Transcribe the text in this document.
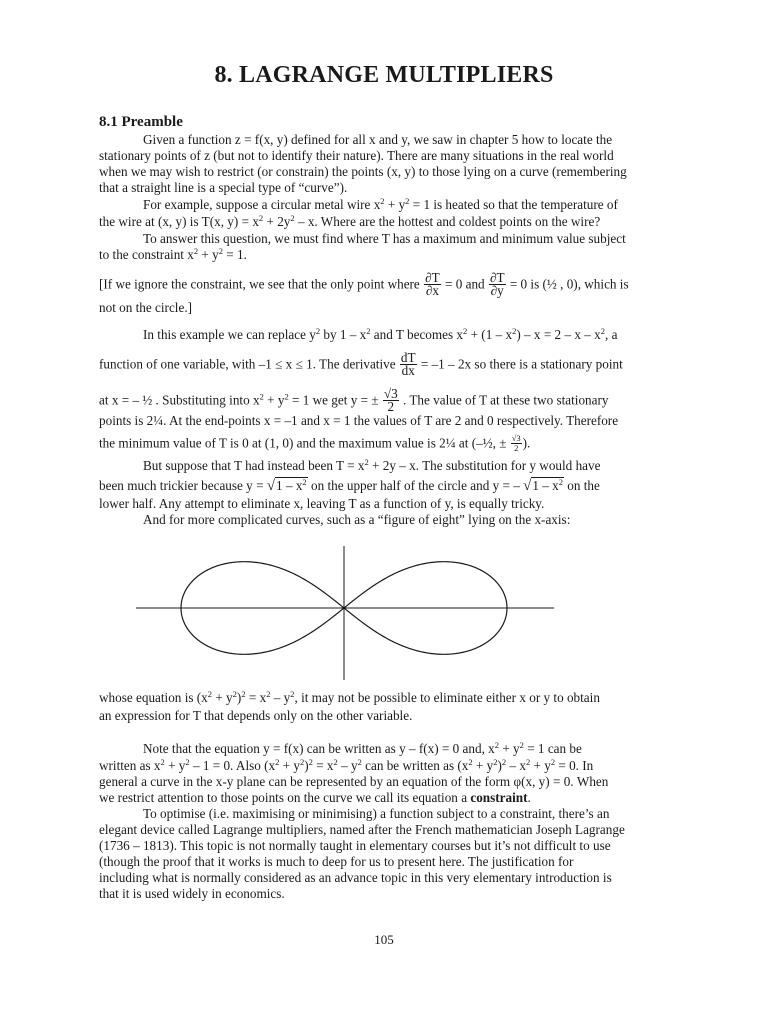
8. LAGRANGE MULTIPLIERS
8.1 Preamble
Given a function z = f(x, y) defined for all x and y, we saw in chapter 5 how to locate the
stationary points of z (but not to identify their nature). There are many situations in the real world
when we may wish to restrict (or constrain) the points (x, y) to those lying on a curve (remembering
that a straight line is a special type of “curve”).
For example, suppose a circular metal wire $x^2 + y^2 = 1$ is heated so that the temperature of
the wire at (x, y) is T(x, $y) = x^2 + 2y^2 - x$. Where are the hottest and coldest points on the wire?
To answer this question, we must find where T has a maximum and minimum value subject
to the constraint $x^2 + y^2 = 1$.
[If we ignore the constraint, we see that the only point where $\frac{\partial T}{\partial x} = 0$ and $\frac{\partial T}{\partial y} = 0$ is (½ , 0), which is
not on the circle.]
In this example we can replace $y^2$ by $1 - x^2$ and T becomes $x^2 + (1 - x^2) - x = 2 - x - x^2$, a
function of one variable, with –1 ≤ x ≤ 1. The derivative $\frac{dT}{dx} = -1 - 2x$ so there is a stationary point
at x = – ½ . Substituting into $x^2 + y^2 = 1$ we get y = ± $\frac{√3}{2}$ . The value of T at these two stationary
points is 2¼. At the end-points x = –1 and x = 1 the values of T are 2 and 0 respectively. Therefore
the minimum value of T is 0 at (1, 0) and the maximum value is 2¼ at (–½, ± $\frac{√3}{2}$ ).
But suppose that T had instead been $T = x^2 + 2y - x$. The substitution for y would have
been much trickier because $y = √1 - x^2$ on the upper half of the circle and y = – $√1 - x^2$ on the
lower half. Any attempt to eliminate x, leaving T as a function of y, is equally tricky.
And for more complicated curves, such as a “figure of eight” lying on the x-axis:
whose equation is $(x^2 + y^2)^2 = x^2 - y^2$, it may not be possible to eliminate either x or y to obtain
an expression for T that depends only on the other variable.
Note that the equation y = f(x) can be written as y – f(x) = 0 and, $x^2 + y^2 = 1$ can be
written as $x^2 + y^2 - 1 = 0$. Also $(x^2 + y^2)^2 = x^2 - y^2$ can be written as $(x^2 + y^2)^2 - x^2 + y^2 = 0$. In
general a curve in the x-y plane can be represented by an equation of the form φ(x, y) = 0. When
we restrict attention to those points on the curve we call its equation a constraint.
To optimise (i.e. maximising or minimising) a function subject to a constraint, there’s an
elegant device called Lagrange multipliers, named after the French mathematician Joseph Lagrange
(1736 – 1813). This topic is not normally taught in elementary courses but it’s not difficult to use
(though the proof that it works is much to deep for us to present here. The justification for
including what is normally considered as an advance topic in this very elementary introduction is
that it is used widely in economics.
105
